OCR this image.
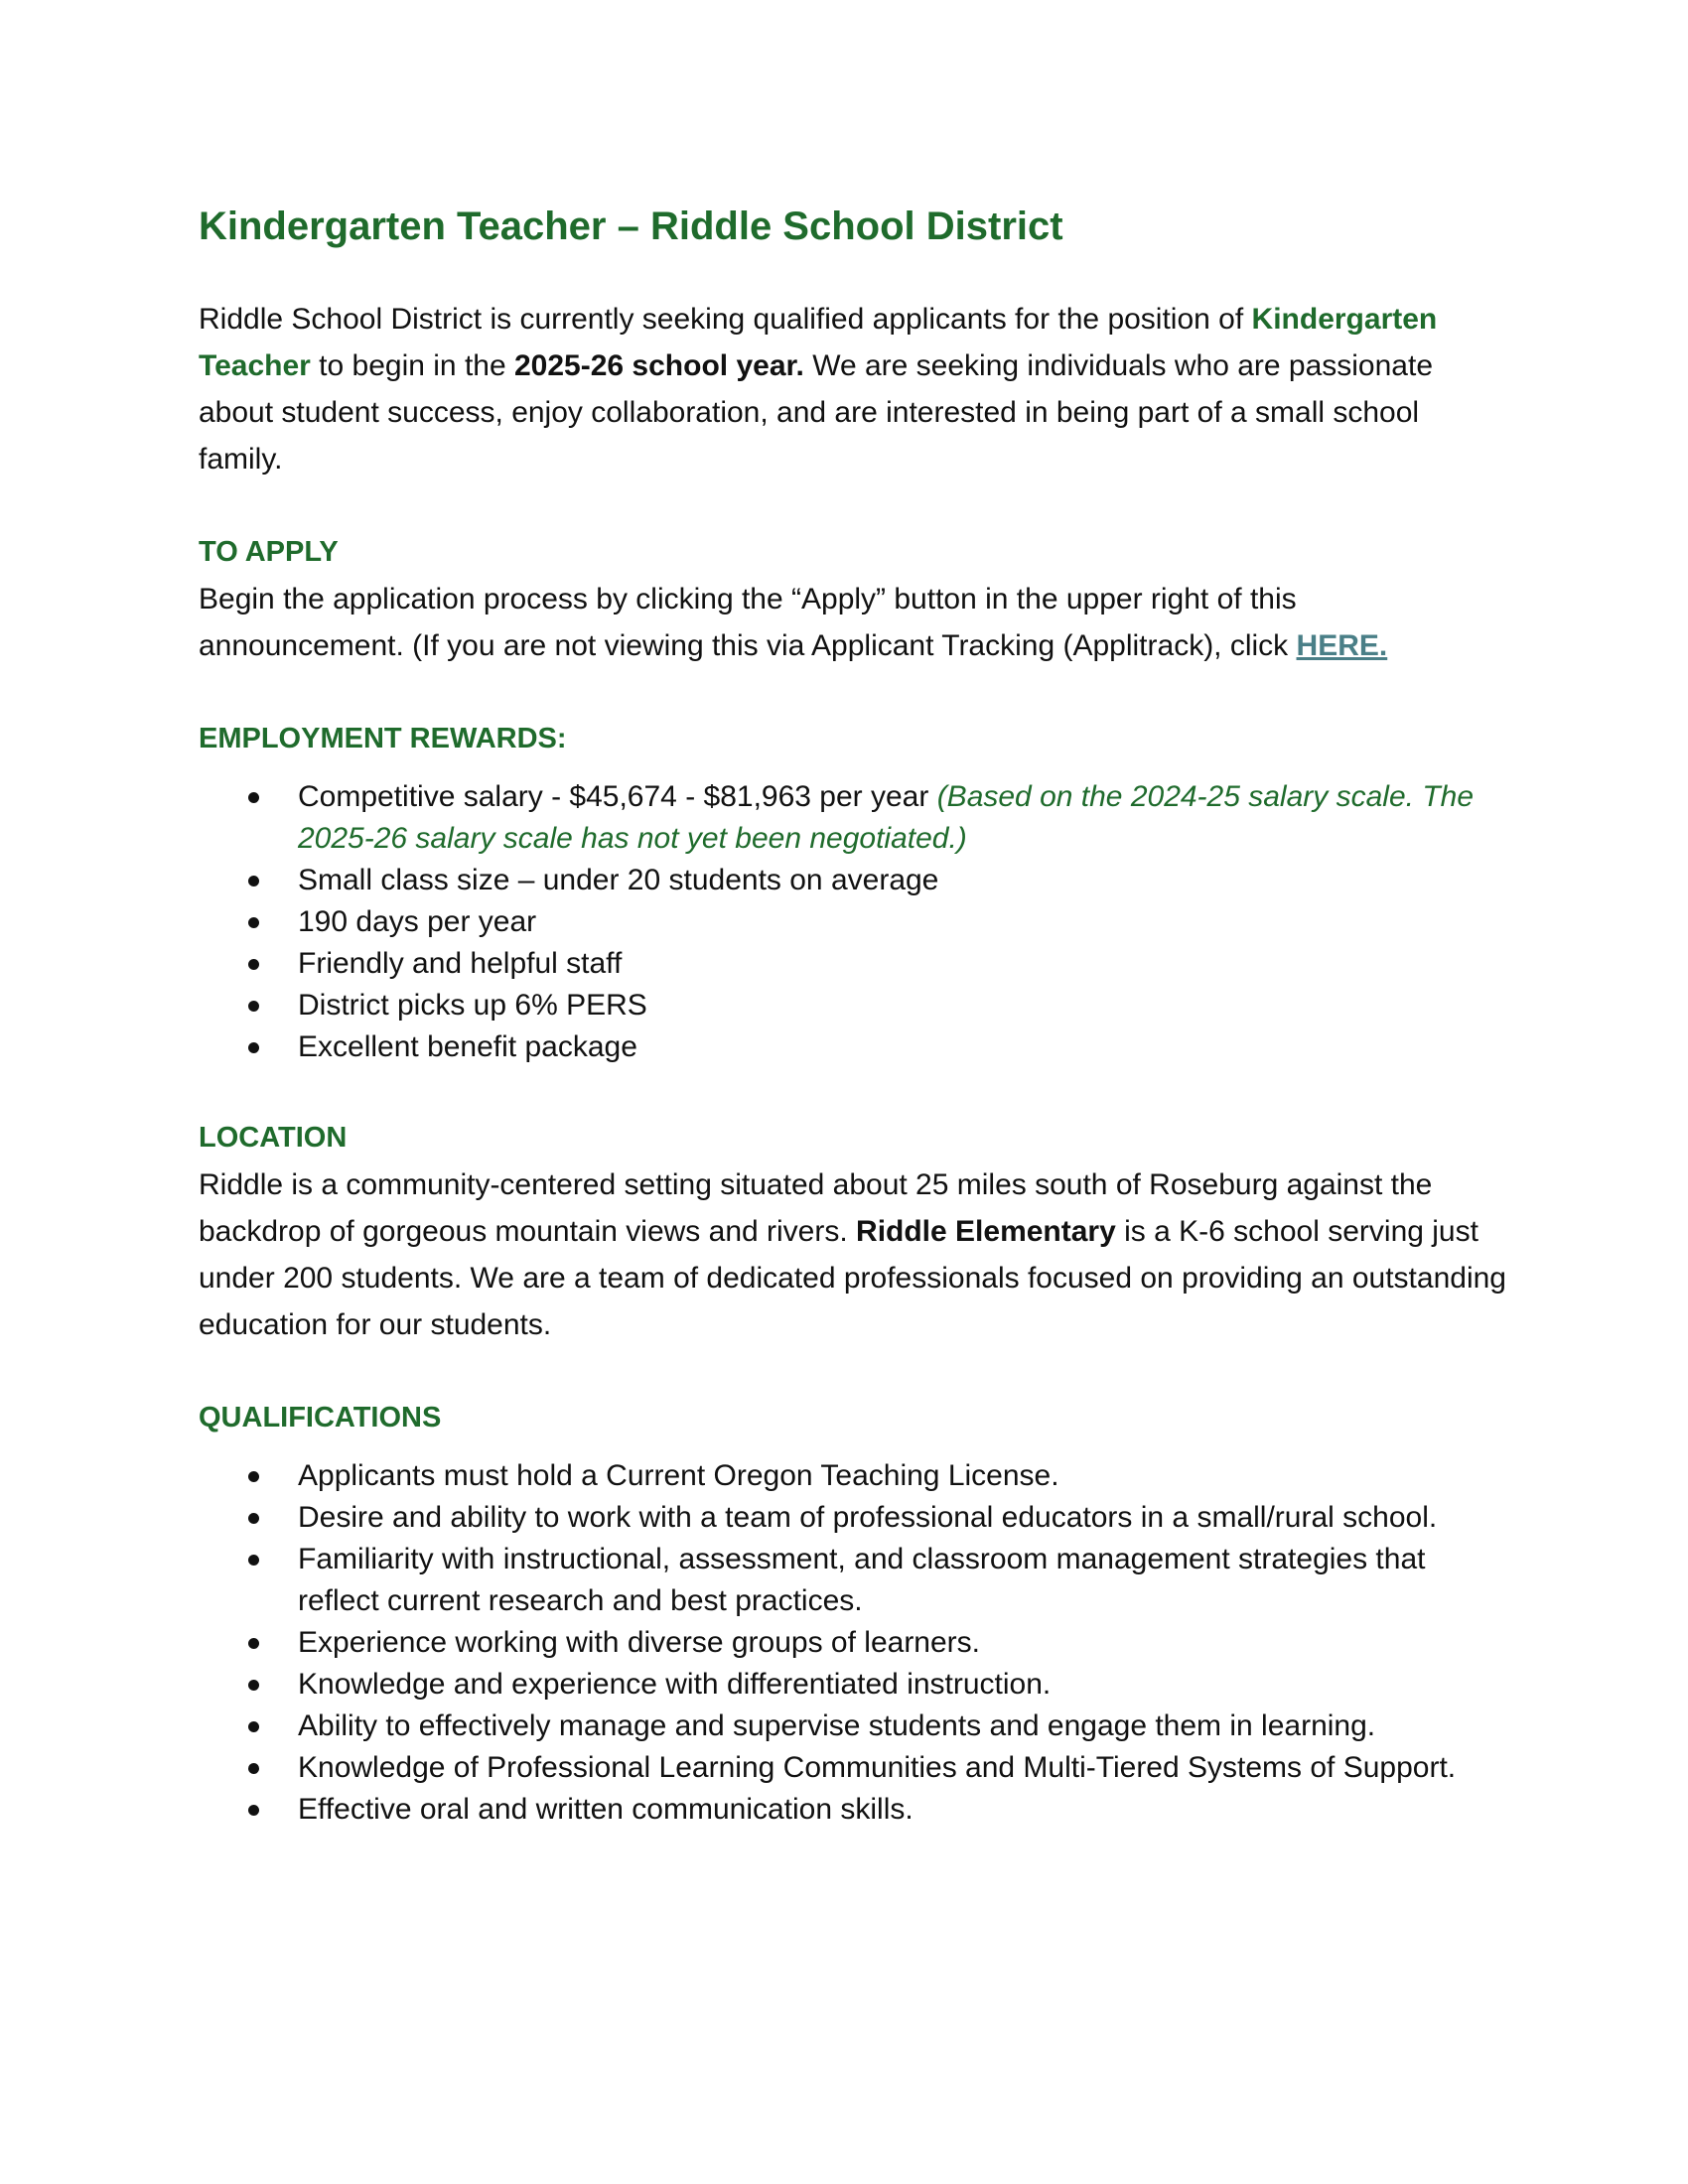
Kindergarten Teacher – Riddle School District

Riddle School District is currently seeking qualified applicants for the position of Kindergarten Teacher to begin in the 2025-26 school year. We are seeking individuals who are passionate about student success, enjoy collaboration, and are interested in being part of a small school family.

TO APPLY

Begin the application process by clicking the “Apply” button in the upper right of this announcement. (If you are not viewing this via Applicant Tracking (Applitrack), click HERE.

EMPLOYMENT REWARDS:
Competitive salary - $45,674 - $81,963 per year (Based on the 2024-25 salary scale. The 2025-26 salary scale has not yet been negotiated.)
Small class size – under 20 students on average
190 days per year
Friendly and helpful staff
District picks up 6% PERS
Excellent benefit package
LOCATION

Riddle is a community-centered setting situated about 25 miles south of Roseburg against the backdrop of gorgeous mountain views and rivers. Riddle Elementary is a K-6 school serving just under 200 students. We are a team of dedicated professionals focused on providing an outstanding education for our students.

QUALIFICATIONS
Applicants must hold a Current Oregon Teaching License.
Desire and ability to work with a team of professional educators in a small/rural school.
Familiarity with instructional, assessment, and classroom management strategies that reflect current research and best practices.
Experience working with diverse groups of learners.
Knowledge and experience with differentiated instruction.
Ability to effectively manage and supervise students and engage them in learning.
Knowledge of Professional Learning Communities and Multi-Tiered Systems of Support.
Effective oral and written communication skills.
